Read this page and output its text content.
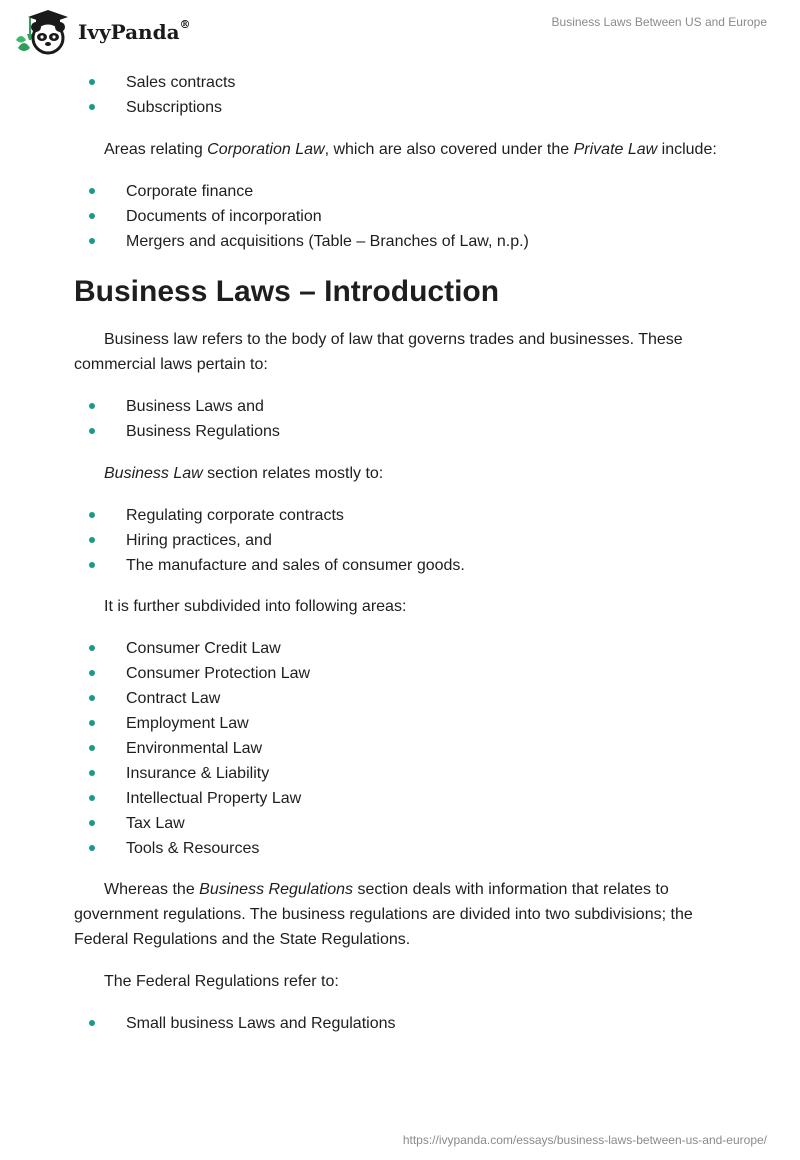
IvyPanda®	Business Laws Between US and Europe
Sales contracts
Subscriptions

Areas relating Corporation Law, which are also covered under the Private Law include:

Corporate finance
Documents of incorporation
Mergers and acquisitions (Table – Branches of Law, n.p.)
Business Laws – Introduction

Business law refers to the body of law that governs trades and businesses. These commercial laws pertain to:

Business Laws and
Business Regulations

Business Law section relates mostly to:

Regulating corporate contracts
Hiring practices, and
The manufacture and sales of consumer goods.

It is further subdivided into following areas:

Consumer Credit Law
Consumer Protection Law
Contract Law
Employment Law
Environmental Law
Insurance & Liability
Intellectual Property Law
Tax Law
Tools & Resources

Whereas the Business Regulations section deals with information that relates to government regulations. The business regulations are divided into two subdivisions; the Federal Regulations and the State Regulations.

The Federal Regulations refer to:

Small business Laws and Regulations
https://ivypanda.com/essays/business-laws-between-us-and-europe/
